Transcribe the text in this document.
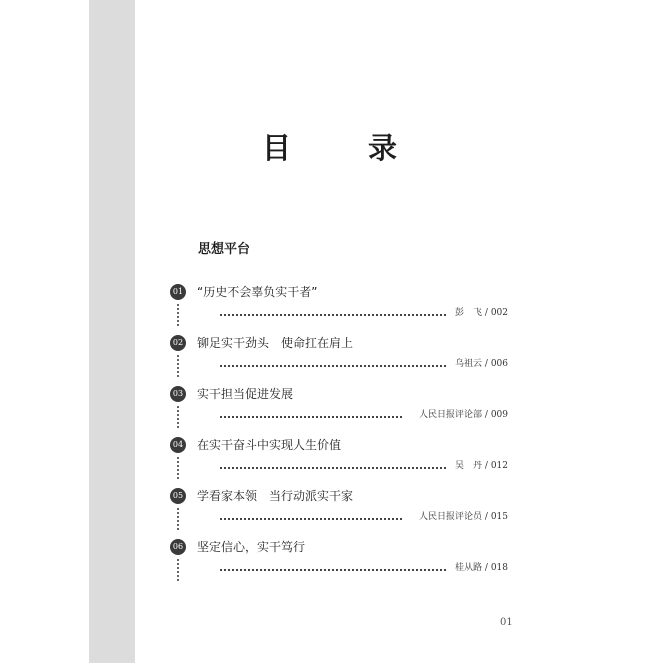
目　录
思想平台
01 “历史不会辜负实干者”
彭　飞 / 002
02 铆足实干劲头　使命扛在肩上
乌祖云 / 006
03 实干担当促进发展
人民日报评论部 / 009
04 在实干奋斗中实现人生价值
吴　丹 / 012
05 学看家本领　当行动派实干家
人民日报评论员 / 015
06 坚定信心，实干笃行
桂从路 / 018
01
